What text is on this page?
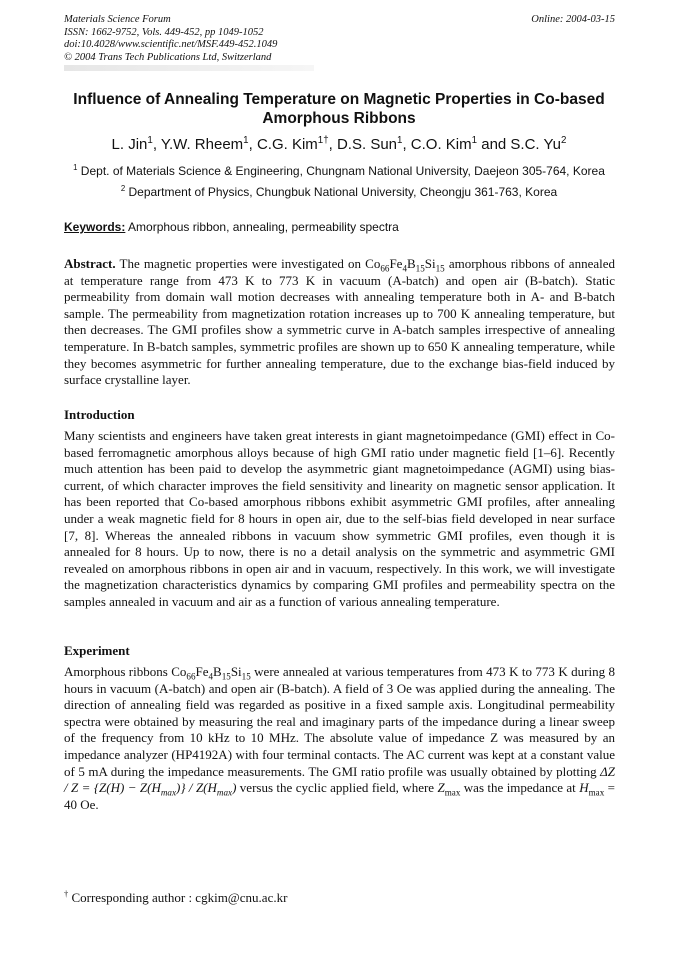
Materials Science Forum
ISSN: 1662-9752, Vols. 449-452, pp 1049-1052
doi:10.4028/www.scientific.net/MSF.449-452.1049
© 2004 Trans Tech Publications Ltd, Switzerland
Online: 2004-03-15
Influence of Annealing Temperature on Magnetic Properties in Co-based
Amorphous Ribbons
L. Jin$^1$, Y.W. Rheem$^1$, C.G. Kim$^{1\dagger}$, D.S. Sun$^1$, C.O. Kim$^1$ and S.C. Yu$^2$
$^1$ Dept. of Materials Science & Engineering, Chungnam National University, Daejeon 305-764, Korea
$^2$ Department of Physics, Chungbuk National University, Cheongju 361-763, Korea
Keywords: Amorphous ribbon, annealing, permeability spectra
Abstract. The magnetic properties were investigated on $Co_{66}Fe_4B_{15}Si_{15}$ amorphous ribbons of annealed at temperature range from 473 K to 773 K in vacuum (A-batch) and open air (B-batch). Static permeability from domain wall motion decreases with annealing temperature both in A- and B-batch sample. The permeability from magnetization rotation increases up to 700 K annealing temperature, but then decreases. The GMI profiles show a symmetric curve in A-batch samples irrespective of annealing temperature. In B-batch samples, symmetric profiles are shown up to 650 K annealing temperature, while they becomes asymmetric for further annealing temperature, due to the exchange bias-field induced by surface crystalline layer.
Introduction
Many scientists and engineers have taken great interests in giant magnetoimpedance (GMI) effect in Co-based ferromagnetic amorphous alloys because of high GMI ratio under magnetic field [1–6]. Recently much attention has been paid to develop the asymmetric giant magnetoimpedance (AGMI) using bias-current, of which character improves the field sensitivity and linearity on magnetic sensor application. It has been reported that Co-based amorphous ribbons exhibit asymmetric GMI profiles, after annealing under a weak magnetic field for 8 hours in open air, due to the self-bias field developed in near surface [7, 8]. Whereas the annealed ribbons in vacuum show symmetric GMI profiles, even though it is annealed for 8 hours. Up to now, there is no a detail analysis on the symmetric and asymmetric GMI revealed on amorphous ribbons in open air and in vacuum, respectively. In this work, we will investigate the magnetization characteristics dynamics by comparing GMI profiles and permeability spectra on the samples annealed in vacuum and air as a function of various annealing temperature.
Experiment
Amorphous ribbons $Co_{66}Fe_4B_{15}Si_{15}$ were annealed at various temperatures from 473 K to 773 K during 8 hours in vacuum (A-batch) and open air (B-batch). A field of 3 Oe was applied during the annealing. The direction of annealing field was regarded as positive in a fixed sample axis. Longitudinal permeability spectra were obtained by measuring the real and imaginary parts of the impedance during a linear sweep of the frequency from 10 kHz to 10 MHz. The absolute value of impedance Z was measured by an impedance analyzer (HP4192A) with four terminal contacts. The AC current was kept at a constant value of 5 mA during the impedance measurements. The GMI ratio profile was usually obtained by plotting $\Delta Z / Z = \{Z(H) - Z(H_{max})\} / Z(H_{max})$ versus the cyclic applied field, where $Z_{max}$ was the impedance at $H_{max} = 40$ Oe.
† Corresponding author : cgkim@cnu.ac.kr
